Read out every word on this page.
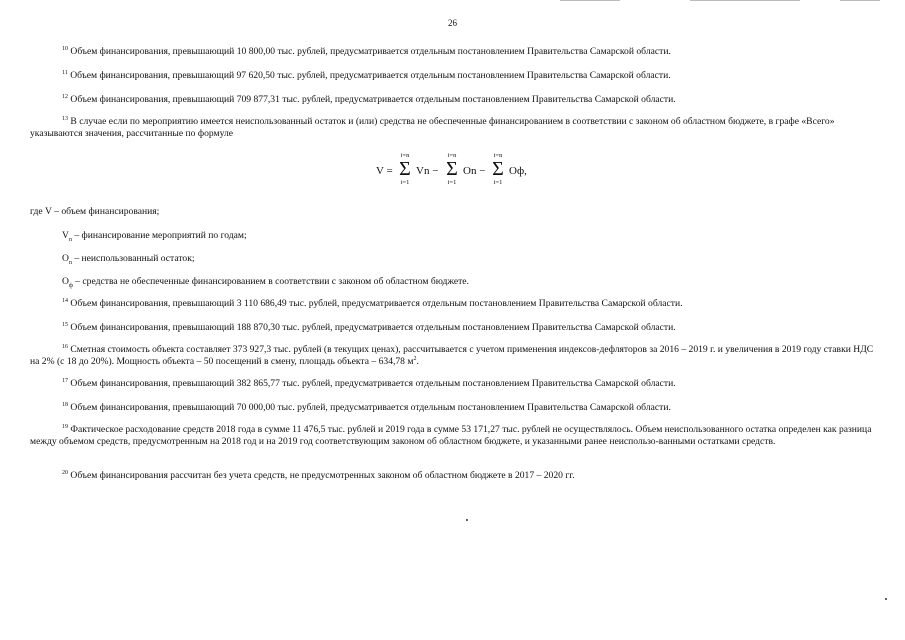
26
$^{10}$ Объем финансирования, превышающий 10 800,00 тыс. рублей, предусматривается отдельным постановлением Правительства Самарской области.
$^{11}$ Объем финансирования, превышающий 97 620,50 тыс. рублей, предусматривается отдельным постановлением Правительства Самарской области.
$^{12}$ Объем финансирования, превышающий 709 877,31 тыс. рублей, предусматривается отдельным постановлением Правительства Самарской области.
$^{13}$ В случае если по мероприятию имеется неиспользованный остаток и (или) средства не обеспеченные финансированием в соответствии с законом об областном бюджете, в графе «Всего» указываются значения, рассчитанные по формуле
V =
i=n
Σ
i=1
Vn −
i=n
Σ
i=1
On −
i=n
Σ
i=1
Oф,
где V – объем финансирования;
$V_n$ – финансирование мероприятий по годам;
$O_n$ – неиспользованный остаток;
$O_ф$ – средства не обеспеченные финансированием в соответствии с законом об областном бюджете.
$^{14}$ Объем финансирования, превышающий 3 110 686,49 тыс. рублей, предусматривается отдельным постановлением Правительства Самарской области.
$^{15}$ Объем финансирования, превышающий 188 870,30 тыс. рублей, предусматривается отдельным постановлением Правительства Самарской области.
$^{16}$ Сметная стоимость объекта составляет 373 927,3 тыс. рублей (в текущих ценах), рассчитывается с учетом применения индексов-дефляторов за 2016 – 2019 г. и увеличения в 2019 году ставки НДС на 2% (с 18 до 20%). Мощность объекта – 50 посещений в смену, площадь объекта – 634,78 $м^2$.
$^{17}$ Объем финансирования, превышающий 382 865,77 тыс. рублей, предусматривается отдельным постановлением Правительства Самарской области.
$^{18}$ Объем финансирования, превышающий 70 000,00 тыс. рублей, предусматривается отдельным постановлением Правительства Самарской области.
$^{19}$ Фактическое расходование средств 2018 года в сумме 11 476,5 тыс. рублей и 2019 года в сумме 53 171,27 тыс. рублей не осуществлялось. Объем неиспользованного остатка определен как разница между объемом средств, предусмотренным на 2018 год и на 2019 год соответствующим законом об областном бюджете, и указанными ранее неиспользо-ванными остатками средств.
$^{20}$ Объем финансирования рассчитан без учета средств, не предусмотренных законом об областном бюджете в 2017 – 2020 гг.
